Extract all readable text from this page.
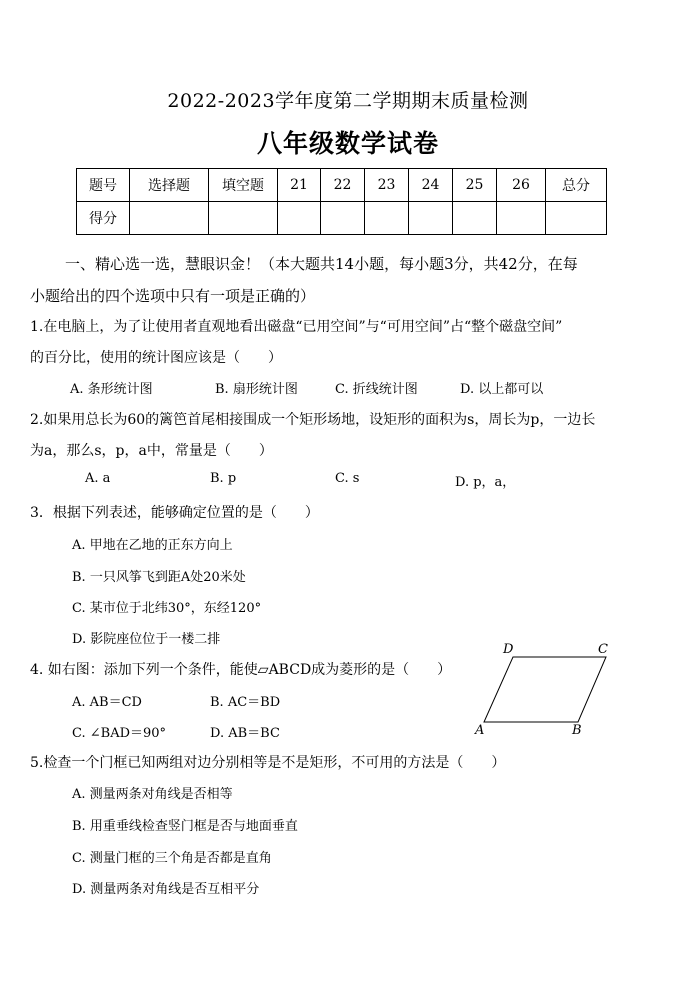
2022-2023学年度第二学期期末质量检测
八年级数学试卷
题号	选择题	填空题	21	22	23	24	25	26	总分
得分									
一、精心选一选，慧眼识金！（本大题共14小题，每小题3分，共42分，在每
小题给出的四个选项中只有一项是正确的）
1.在电脑上，为了让使用者直观地看出磁盘“已用空间”与“可用空间”占“整个磁盘空间”
的百分比，使用的统计图应该是（　　）
A. 条形统计图	B. 扇形统计图	C. 折线统计图	D. 以上都可以
2.如果用总长为60的篱笆首尾相接围成一个矩形场地，设矩形的面积为s，周长为p，一边长
为a，那么s，p，a中，常量是（　　）
A. a	B. p	C. s	D. p，a，
3．根据下列表述，能够确定位置的是（　　）
A. 甲地在乙地的正东方向上
B. 一只风筝飞到距A处20米处
C. 某市位于北纬30°，东经120°
D. 影院座位位于一楼二排
4. 如右图：添加下列一个条件，能使▱ABCD成为菱形的是（　　）
A. AB＝CD	B. AC＝BD
C. ∠BAD＝90°	D. AB＝BC
D	C
A	B
5.检查一个门框已知两组对边分别相等是不是矩形，不可用的方法是（　　）
A. 测量两条对角线是否相等
B. 用重垂线检查竖门框是否与地面垂直
C. 测量门框的三个角是否都是直角
D. 测量两条对角线是否互相平分
